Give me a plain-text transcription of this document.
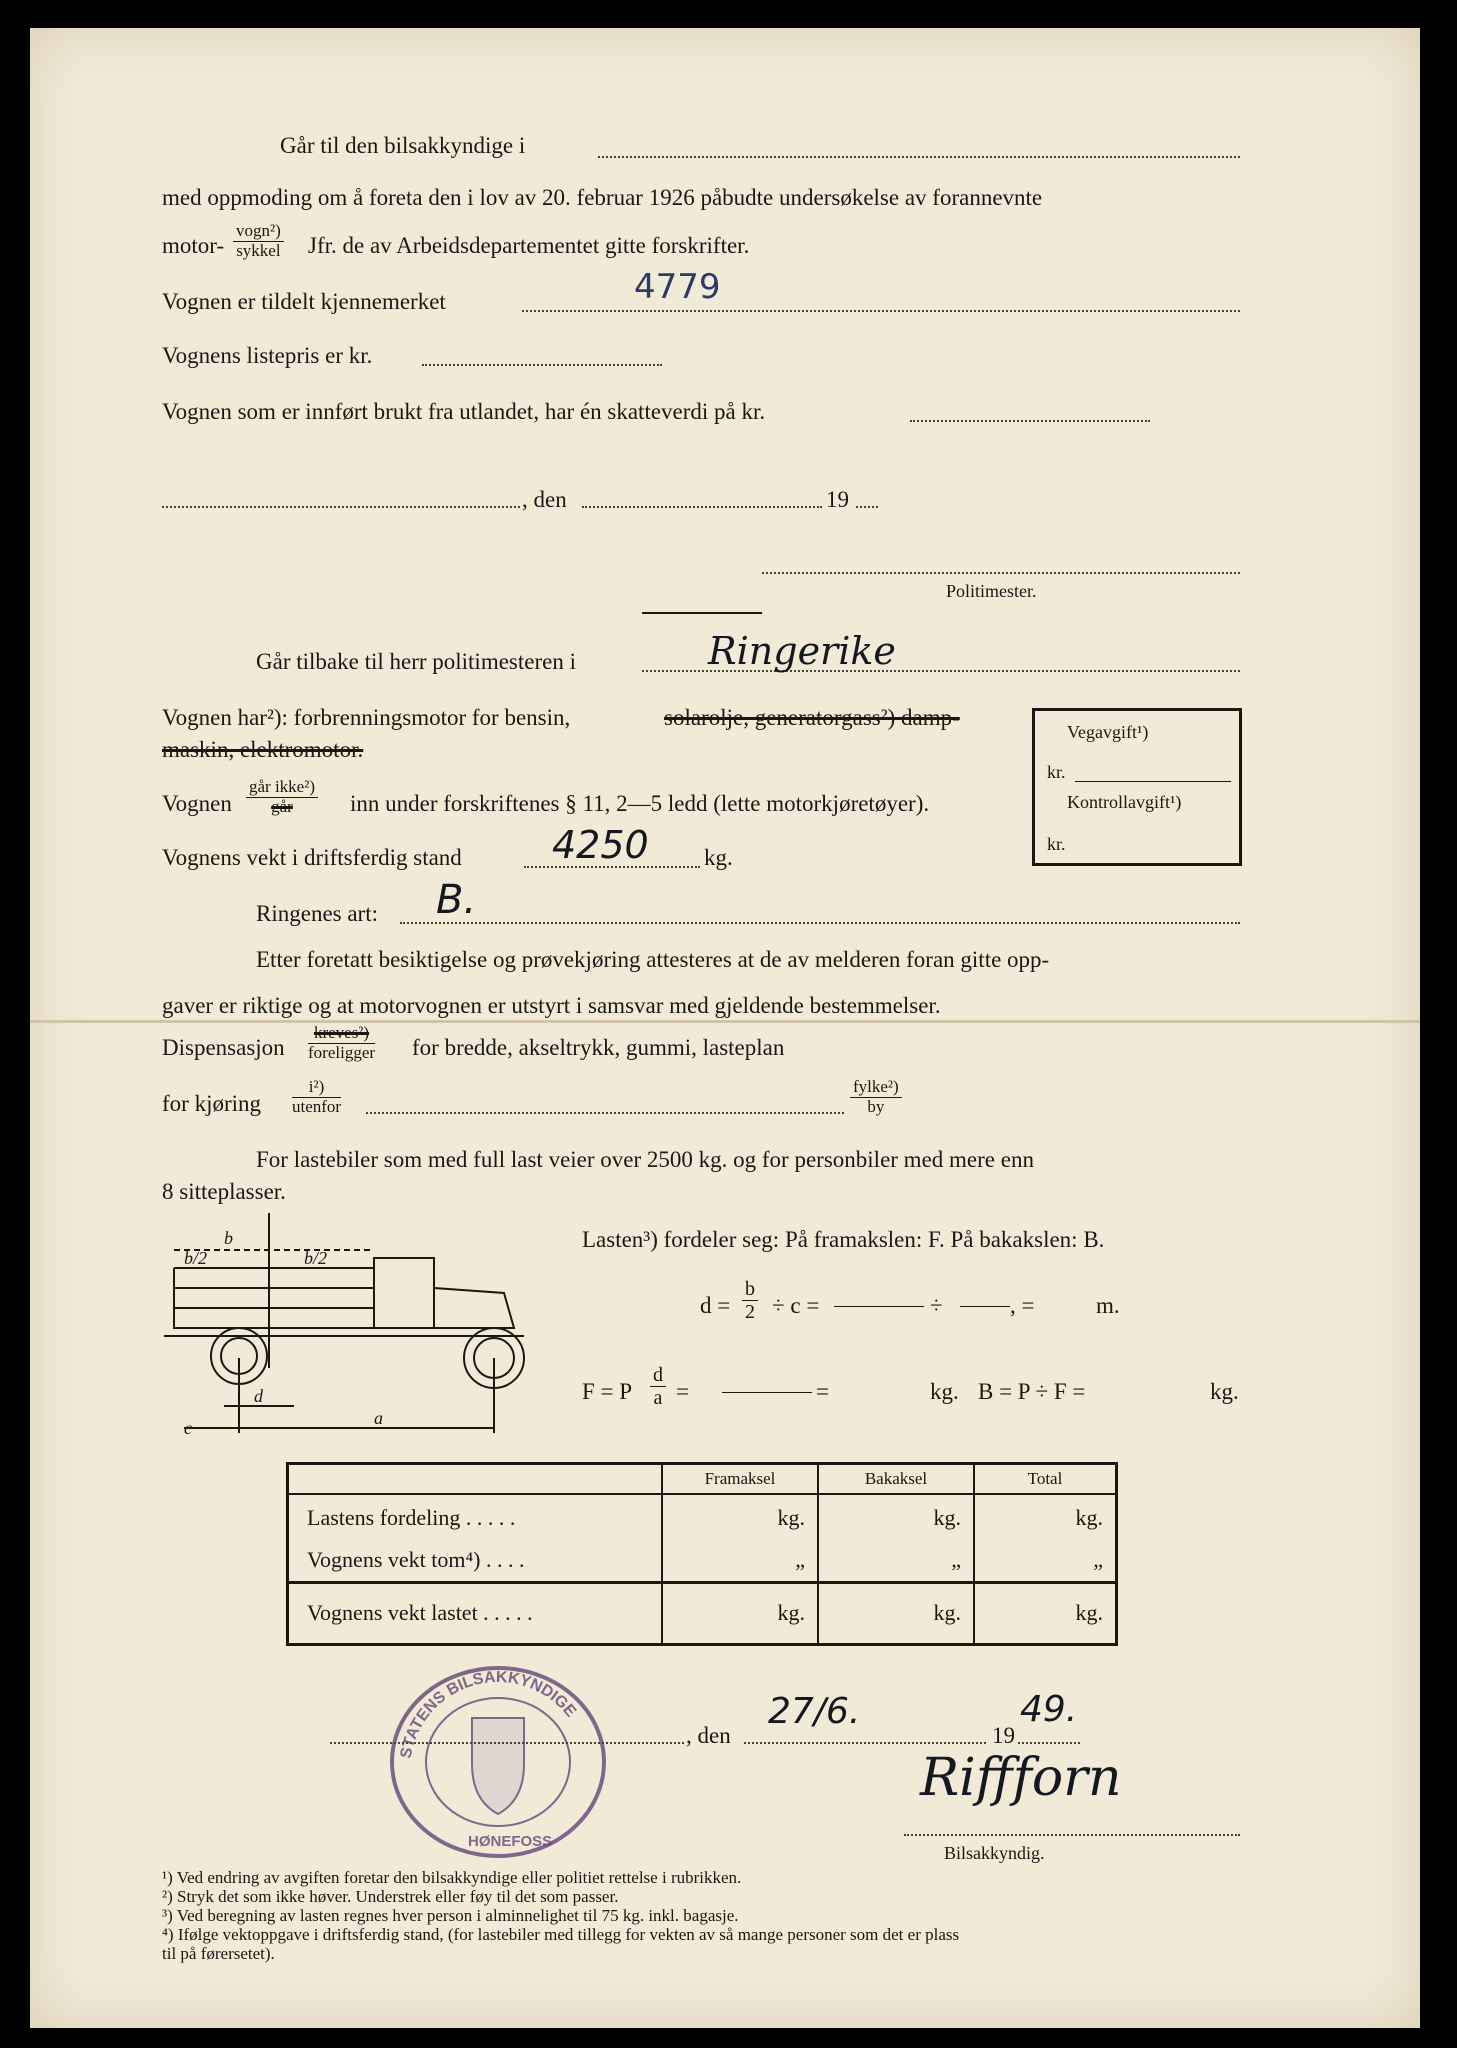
Går til den bilsakkyndige i
med oppmoding om å foreta den i lov av 20. februar 1926 påbudte undersøkelse av forannevnte
motor-
vogn²)
sykkel Jfr. de av Arbeidsdepartementet gitte forskrifter.
Vognen er tildelt kjennemerket	4779
Vognens listepris er kr.
Vognen som er innført brukt fra utlandet, har én skatteverdi på kr.
, den	19
Politimester.
Går tilbake til herr politimesteren i	Ringerike
Vognen har²): forbrenningsmotor for bensin,	solarolje, generatorgass²) damp-
maskin, elektromotor.
Vognen
går ikke²)
går	inn under forskriftenes § 11, 2—5 ledd (lette motorkjøretøyer).
Vognens vekt i driftsferdig stand 4250 kg.
Ringenes art: B.
Etter foretatt besiktigelse og prøvekjøring attesteres at de av melderen foran gitte opp-
gaver er riktige og at motorvognen er utstyrt i samsvar med gjeldende bestemmelser.
Dispensasjon
kreves²)
foreligger for bredde, akseltrykk, gummi, lasteplan
for kjøring
i²)
utenfor
fylke²)
by
Vegavgift¹)
kr.
Kontrollavgift¹)
kr.
For lastebiler som med full last veier over 2500 kg. og for personbiler med mere enn
8 sitteplasser.
b
b/2	b/2
c
d
a
Lasten³) fordeler seg: På framakslen: F. På bakakslen: B.
$d = \frac{b}{2} \div c$ =	÷	, =	m.
F = P $\frac{d}{a}$ =	=	kg. B = P ÷ F =	kg.
	Framaksel	Bakaksel	Total
Lastens fordeling . . . . .	kg.	kg.	kg.
Vognens vekt tom⁴) . . . .	„	„	„
Vognens vekt lastet . . . . .	kg.	kg.	kg.
STATENS BILSAKKYNDIGE
HØNEFOSS
, den
27/6.
19
49.
Riffforn
Bilsakkyndig.
¹) Ved endring av avgiften foretar den bilsakkyndige eller politiet rettelse i rubrikken.
²) Stryk det som ikke høver. Understrek eller føy til det som passer.
³) Ved beregning av lasten regnes hver person i alminnelighet til 75 kg. inkl. bagasje.
⁴) Ifølge vektoppgave i driftsferdig stand, (for lastebiler med tillegg for vekten av så mange personer som det er plass
til på førersetet).
